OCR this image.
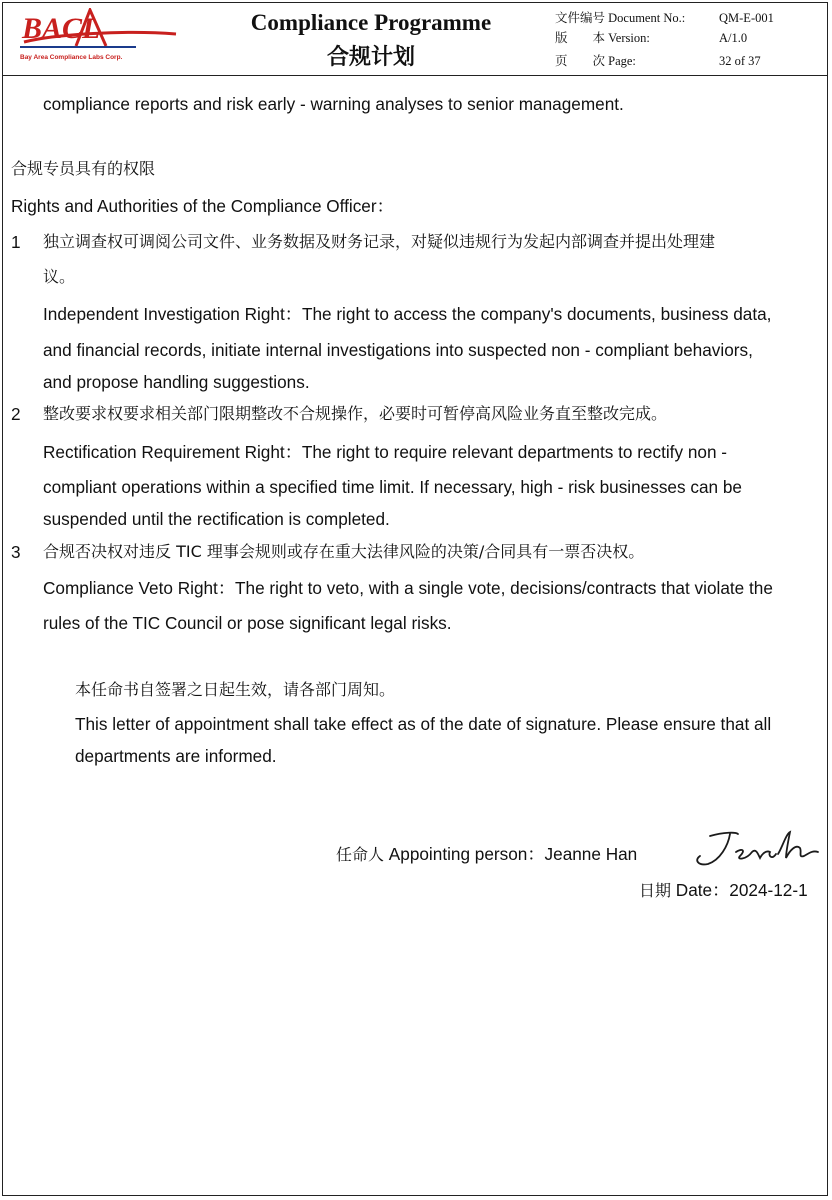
BACL
Bay Area Compliance Labs Corp.
Compliance Programme
合规计划
文件编号 Document No.:	QM-E-001
版　　本 Version:	A/1.0
页　　次 Page:	32 of 37
compliance reports and risk early - warning analyses to senior management.
合规专员具有的权限
Rights and Authorities of the Compliance Officer：
1 独立调查权可调阅公司文件、业务数据及财务记录，对疑似违规行为发起内部调查并提出处理建
议。
Independent Investigation Right：The right to access the company's documents, business data,
and financial records, initiate internal investigations into suspected non - compliant behaviors,
and propose handling suggestions.
2 整改要求权要求相关部门限期整改不合规操作，必要时可暂停高风险业务直至整改完成。
Rectification Requirement Right：The right to require relevant departments to rectify non -
compliant operations within a specified time limit. If necessary, high - risk businesses can be
suspended until the rectification is completed.
3 合规否决权对违反 TIC 理事会规则或存在重大法律风险的决策/合同具有一票否决权。
Compliance Veto Right：The right to veto, with a single vote, decisions/contracts that violate the
rules of the TIC Council or pose significant legal risks.
本任命书自签署之日起生效，请各部门周知。
This letter of appointment shall take effect as of the date of signature. Please ensure that all
departments are informed.
任命人 Appointing person：Jeanne Han
日期 Date：2024-12-1
